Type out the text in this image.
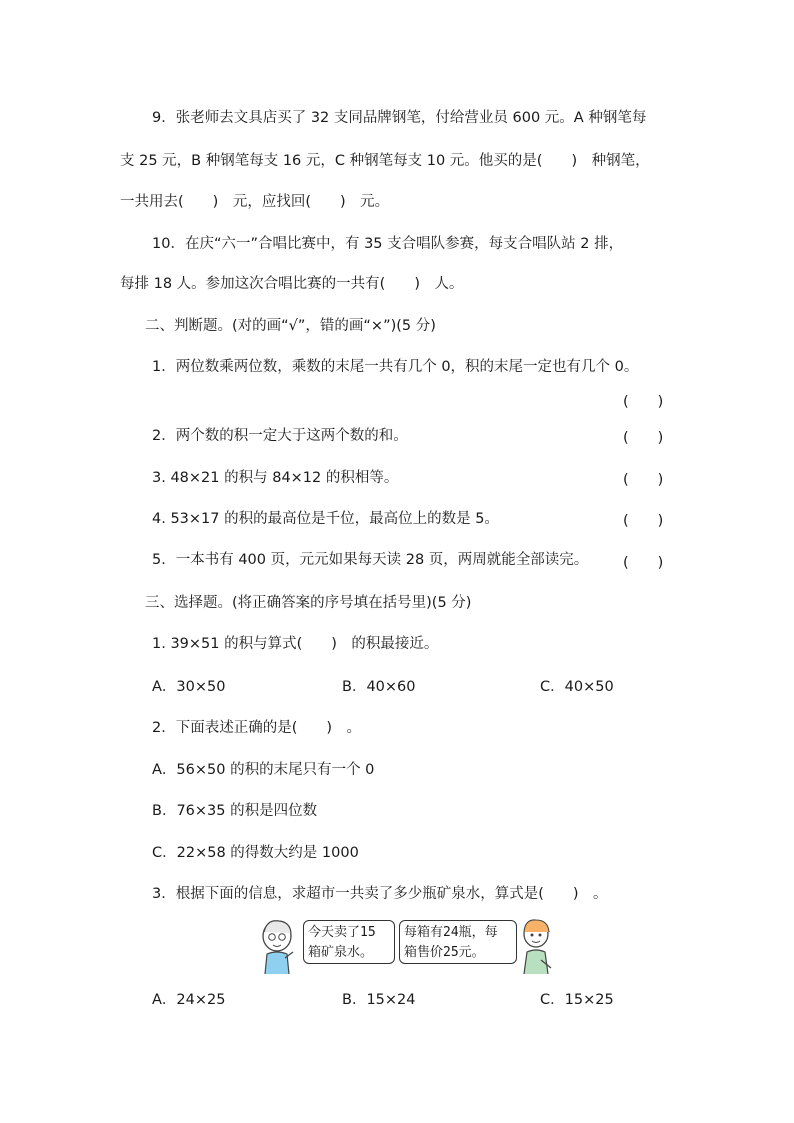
9．张老师去文具店买了 32 支同品牌钢笔，付给营业员 600 元。A 种钢笔每
支 25 元，B 种钢笔每支 16 元，C 种钢笔每支 10 元。他买的是(　　)　种钢笔，
一共用去(　　)　元，应找回(　　)　元。
10．在庆“六一”合唱比赛中，有 35 支合唱队参赛，每支合唱队站 2 排，
每排 18 人。参加这次合唱比赛的一共有(　　)　人。
二、判断题。(对的画“√”，错的画“×”)(5 分)
1．两位数乘两位数，乘数的末尾一共有几个 0，积的末尾一定也有几个 0。
(　　)
2．两个数的积一定大于这两个数的和。	(　　)
3. 48×21 的积与 84×12 的积相等。	(　　)
4. 53×17 的积的最高位是千位，最高位上的数是 5。	(　　)
5．一本书有 400 页，元元如果每天读 28 页，两周就能全部读完。 (　　)
三、选择题。(将正确答案的序号填在括号里)(5 分)
1. 39×51 的积与算式(　　)　的积最接近。
A．30×50	B．40×60	C．40×50
2．下面表述正确的是(　　)　。
A．56×50 的积的末尾只有一个 0
B．76×35 的积是四位数
C．22×58 的得数大约是 1000
3．根据下面的信息，求超市一共卖了多少瓶矿泉水，算式是(　　)　。
今天卖了15
箱矿泉水。
每箱有24瓶，每
箱售价25元。
A．24×25	B．15×24	C．15×25
